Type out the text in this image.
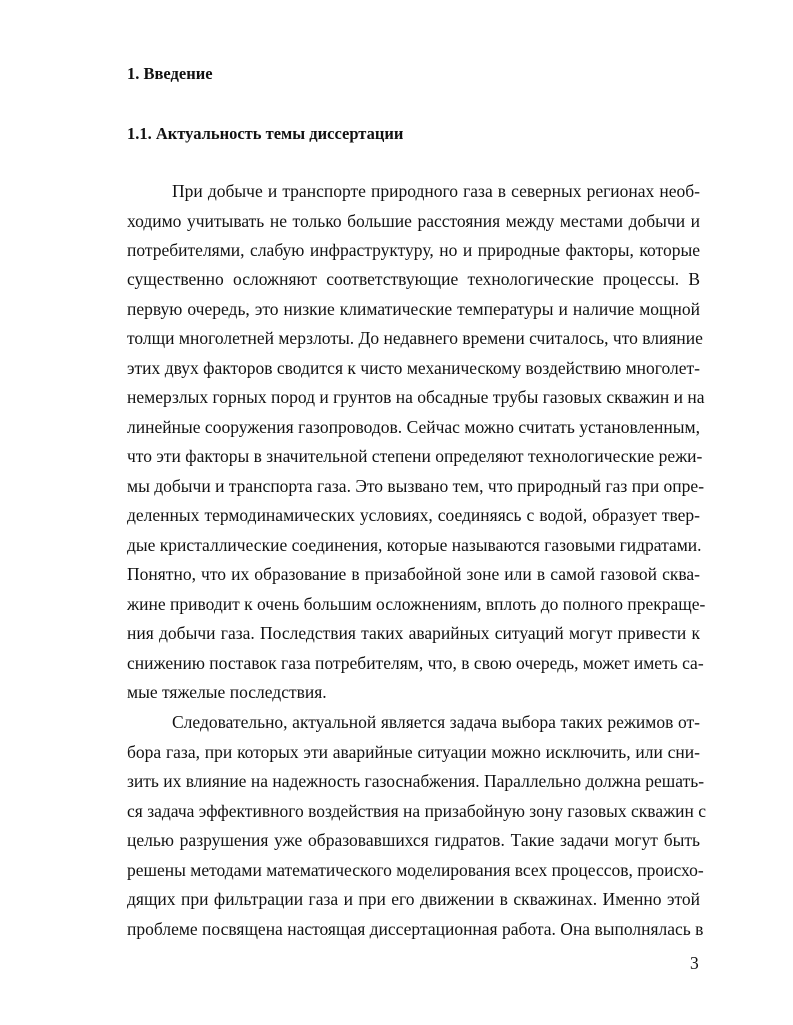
1. Введение
1.1. Актуальность темы диссертации
При добыче и транспорте природного газа в северных регионах необ-
ходимо учитывать не только большие расстояния между местами добычи и
потребителями, слабую инфраструктуру, но и природные факторы, которые
существенно осложняют соответствующие технологические процессы. В
первую очередь, это низкие климатические температуры и наличие мощной
толщи многолетней мерзлоты. До недавнего времени считалось, что влияние
этих двух факторов сводится к чисто механическому воздействию многолет-
немерзлых горных пород и грунтов на обсадные трубы газовых скважин и на
линейные сооружения газопроводов. Сейчас можно считать установленным,
что эти факторы в значительной степени определяют технологические режи-
мы добычи и транспорта газа. Это вызвано тем, что природный газ при опре-
деленных термодинамических условиях, соединяясь с водой, образует твер-
дые кристаллические соединения, которые называются газовыми гидратами.
Понятно, что их образование в призабойной зоне или в самой газовой сква-
жине приводит к очень большим осложнениям, вплоть до полного прекраще-
ния добычи газа. Последствия таких аварийных ситуаций могут привести к
снижению поставок газа потребителям, что, в свою очередь, может иметь са-
мые тяжелые последствия.
Следовательно, актуальной является задача выбора таких режимов от-
бора газа, при которых эти аварийные ситуации можно исключить, или сни-
зить их влияние на надежность газоснабжения. Параллельно должна решать-
ся задача эффективного воздействия на призабойную зону газовых скважин с
целью разрушения уже образовавшихся гидратов. Такие задачи могут быть
решены методами математического моделирования всех процессов, происхо-
дящих при фильтрации газа и при его движении в скважинах. Именно этой
проблеме посвящена настоящая диссертационная работа. Она выполнялась в
3
